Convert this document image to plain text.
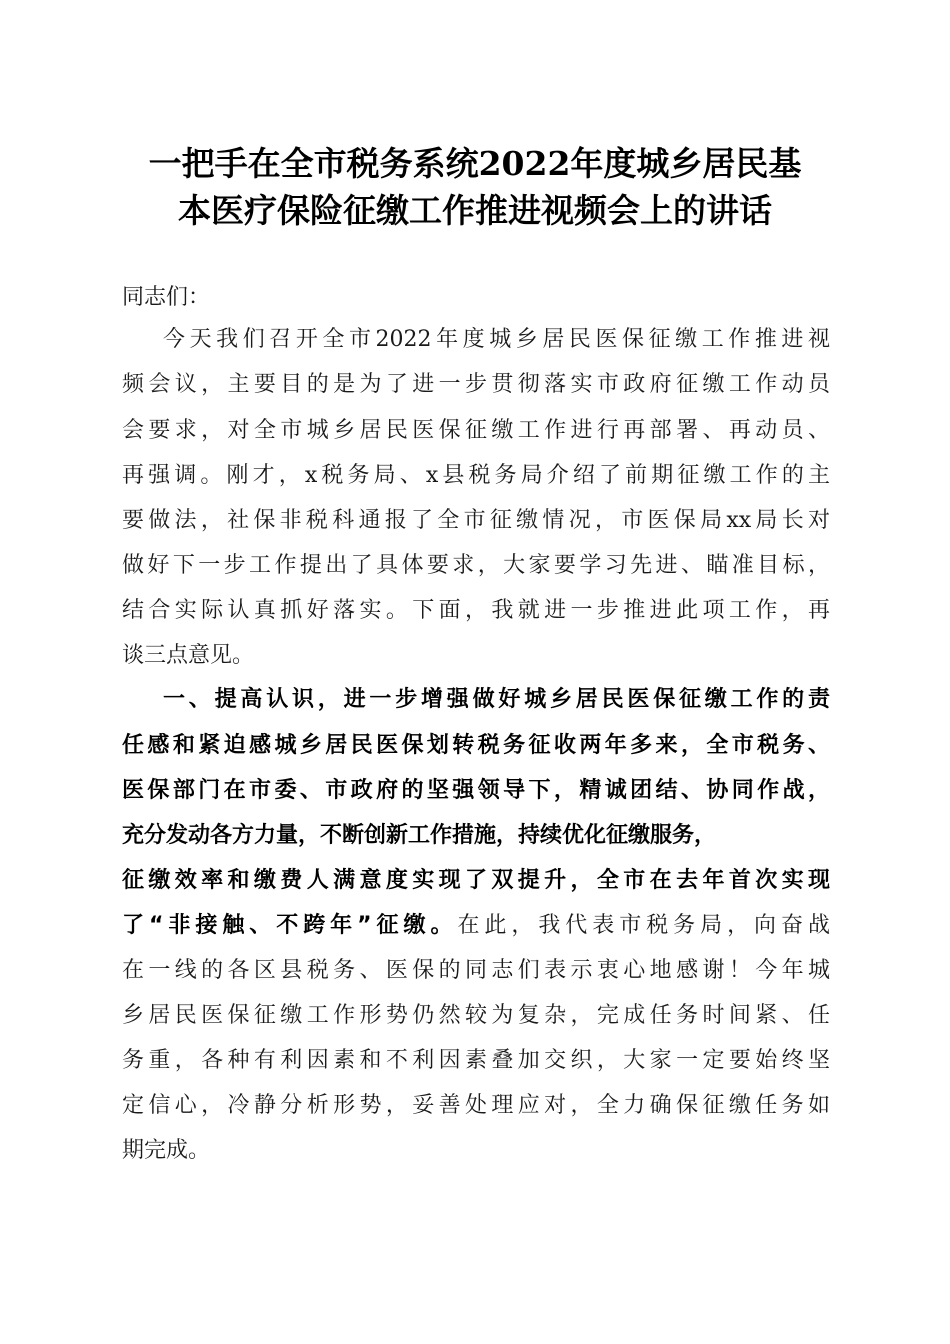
一把手在全市税务系统2022年度城乡居民基
本医疗保险征缴工作推进视频会上的讲话
同志们：
今天我们召开全市2022年度城乡居民医保征缴工作推进视
频会议，主要目的是为了进一步贯彻落实市政府征缴工作动员
会要求，对全市城乡居民医保征缴工作进行再部署、再动员、
再强调。刚才，x税务局、x县税务局介绍了前期征缴工作的主
要做法，社保非税科通报了全市征缴情况，市医保局xx局长对
做好下一步工作提出了具体要求，大家要学习先进、瞄准目标，
结合实际认真抓好落实。下面，我就进一步推进此项工作，再
谈三点意见。
一、提高认识，进一步增强做好城乡居民医保征缴工作的责
任感和紧迫感城乡居民医保划转税务征收两年多来，全市税务、
医保部门在市委、市政府的坚强领导下，精诚团结、协同作战，
充分发动各方力量，不断创新工作措施，持续优化征缴服务，
征缴效率和缴费人满意度实现了双提升，全市在去年首次实现
了“非接触、不跨年”征缴。在此，我代表市税务局，向奋战
在一线的各区县税务、医保的同志们表示衷心地感谢！今年城
乡居民医保征缴工作形势仍然较为复杂，完成任务时间紧、任
务重，各种有利因素和不利因素叠加交织，大家一定要始终坚
定信心，冷静分析形势，妥善处理应对，全力确保征缴任务如
期完成。
